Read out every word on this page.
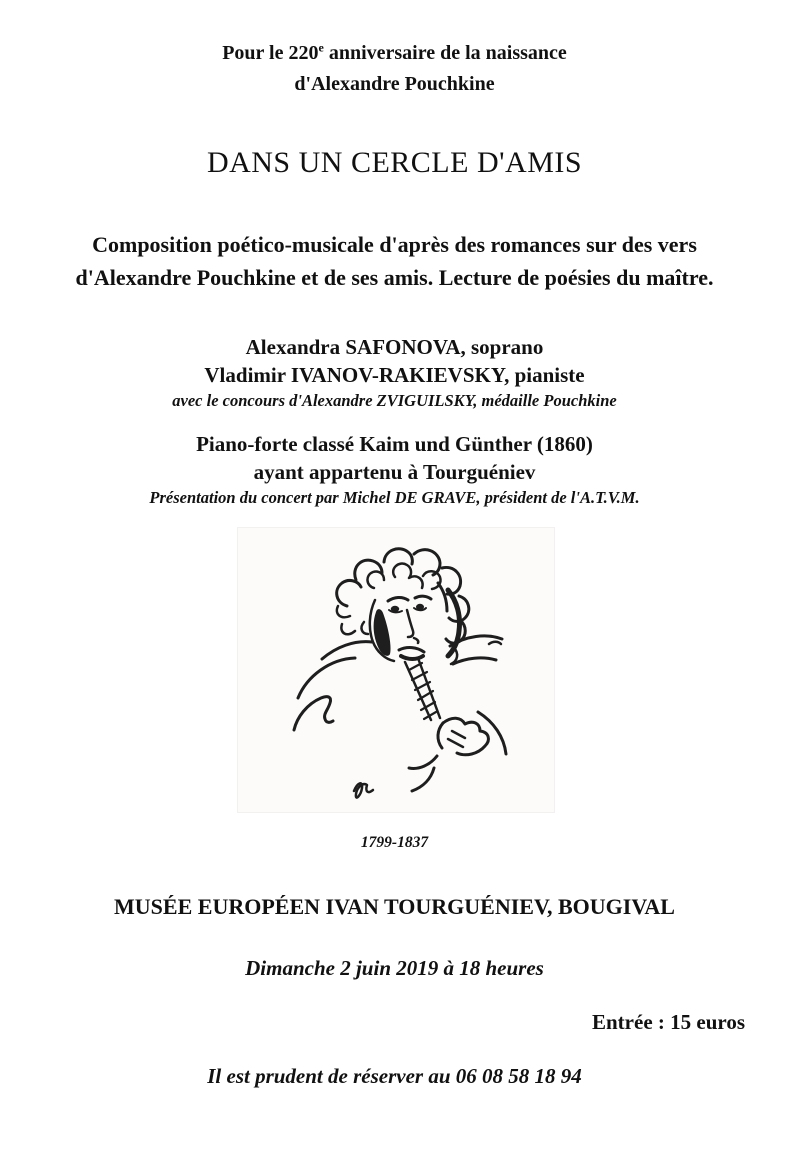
Pour le 220e anniversaire de la naissance
d'Alexandre Pouchkine
DANS UN CERCLE D'AMIS
Composition poético-musicale d'après des romances sur des vers
d'Alexandre Pouchkine et de ses amis. Lecture de poésies du maître.
Alexandra SAFONOVA, soprano
Vladimir IVANOV-RAKIEVSKY, pianiste
avec le concours d'Alexandre ZVIGUILSKY, médaille Pouchkine
Piano-forte classé Kaim und Günther (1860)
ayant appartenu à Tourguéniev
Présentation du concert par Michel DE GRAVE, président de l'A.T.V.M.
1799-1837
MUSÉE EUROPÉEN IVAN TOURGUÉNIEV, BOUGIVAL
Dimanche 2 juin 2019 à 18 heures
Entrée : 15 euros
Il est prudent de réserver au 06 08 58 18 94
